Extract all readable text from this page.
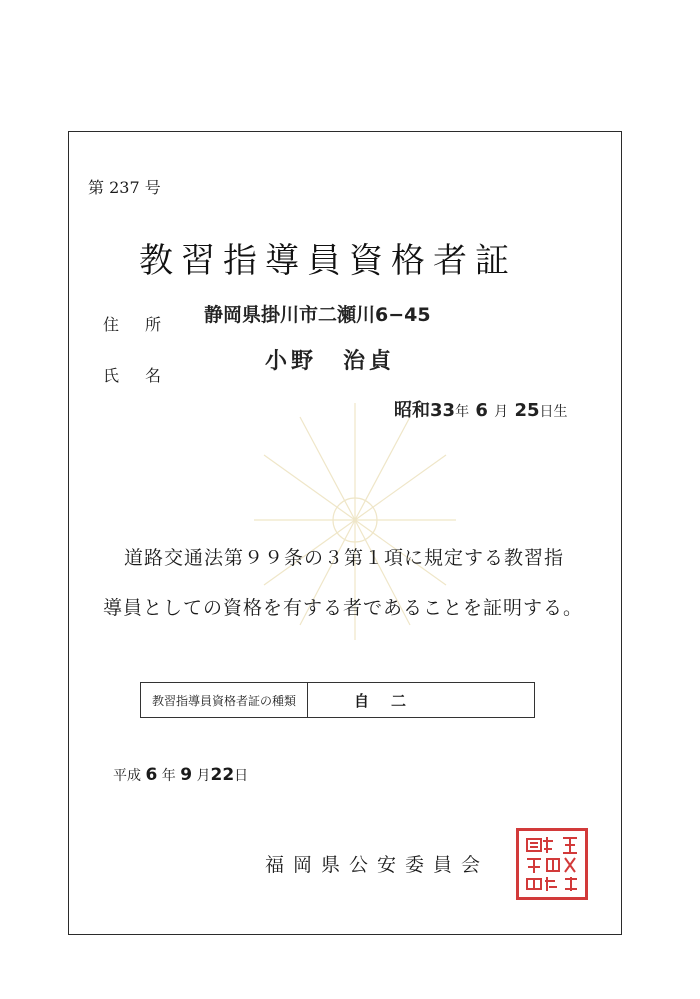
第 237 号
教習指導員資格者証
住所 静岡県掛川市二瀬川6−45
氏名
小野　治貞
昭和33年 6 月 25日生
道路交通法第９９条の３第１項に規定する教習指
導員としての資格を有する者であることを証明する。
教習指導員資格者証の種類	自二
平成 6 年 9 月22日
福岡県公安委員会
